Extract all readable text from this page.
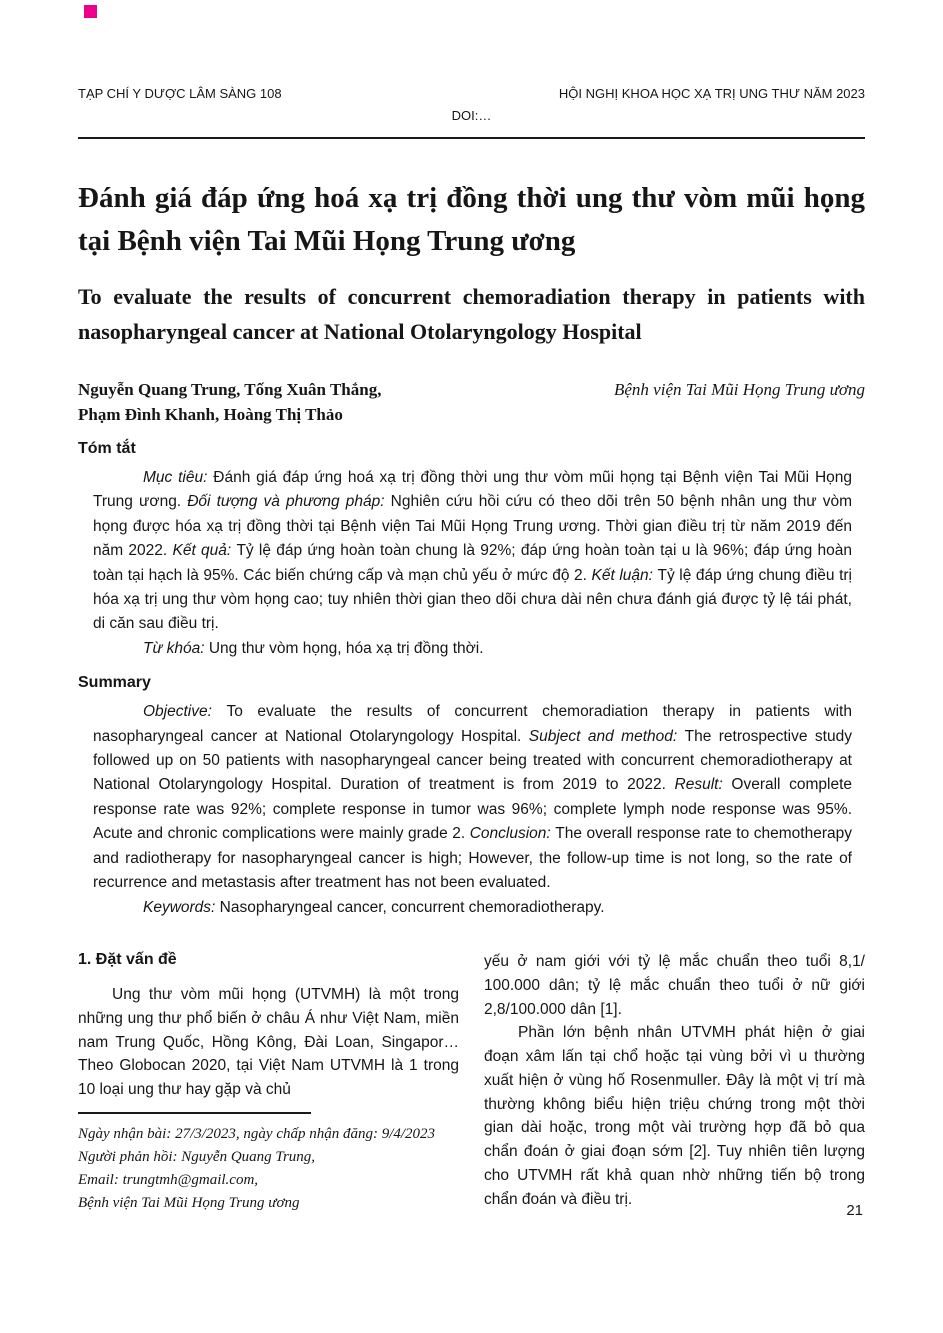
TẠP CHÍ Y DƯỢC LÂM SÀNG 108	HỘI NGHỊ KHOA HỌC XẠ TRỊ UNG THƯ NĂM 2023
DOI:…
Đánh giá đáp ứng hoá xạ trị đồng thời ung thư vòm mũi họng tại Bệnh viện Tai Mũi Họng Trung ương
To evaluate the results of concurrent chemoradiation therapy in patients with nasopharyngeal cancer at National Otolaryngology Hospital
Nguyễn Quang Trung, Tống Xuân Thắng,
Phạm Đình Khanh, Hoàng Thị Thảo
Bệnh viện Tai Mũi Họng Trung ương
Tóm tắt

Mục tiêu: Đánh giá đáp ứng hoá xạ trị đồng thời ung thư vòm mũi họng tại Bệnh viện Tai Mũi Họng Trung ương. Đối tượng và phương pháp: Nghiên cứu hồi cứu có theo dõi trên 50 bệnh nhân ung thư vòm họng được hóa xạ trị đồng thời tại Bệnh viện Tai Mũi Họng Trung ương. Thời gian điều trị từ năm 2019 đến năm 2022. Kết quả: Tỷ lệ đáp ứng hoàn toàn chung là 92%; đáp ứng hoàn toàn tại u là 96%; đáp ứng hoàn toàn tại hạch là 95%. Các biến chứng cấp và mạn chủ yếu ở mức độ 2. Kết luận: Tỷ lệ đáp ứng chung điều trị hóa xạ trị ung thư vòm họng cao; tuy nhiên thời gian theo dõi chưa dài nên chưa đánh giá được tỷ lệ tái phát, di căn sau điều trị.

Từ khóa: Ung thư vòm họng, hóa xạ trị đồng thời.

Summary

Objective: To evaluate the results of concurrent chemoradiation therapy in patients with nasopharyngeal cancer at National Otolaryngology Hospital. Subject and method: The retrospective study followed up on 50 patients with nasopharyngeal cancer being treated with concurrent chemoradiotherapy at National Otolaryngology Hospital. Duration of treatment is from 2019 to 2022. Result: Overall complete response rate was 92%; complete response in tumor was 96%; complete lymph node response was 95%. Acute and chronic complications were mainly grade 2. Conclusion: The overall response rate to chemotherapy and radiotherapy for nasopharyngeal cancer is high; However, the follow-up time is not long, so the rate of recurrence and metastasis after treatment has not been evaluated.

Keywords: Nasopharyngeal cancer, concurrent chemoradiotherapy.

1. Đặt vấn đề

Ung thư vòm mũi họng (UTVMH) là một trong những ung thư phổ biến ở châu Á như Việt Nam, miền nam Trung Quốc, Hồng Kông, Đài Loan, Singapor… Theo Globocan 2020, tại Việt Nam UTVMH là 1 trong 10 loại ung thư hay gặp và chủ

Ngày nhận bài: 27/3/2023, ngày chấp nhận đăng: 9/4/2023
Người phản hồi: Nguyễn Quang Trung,
Email: trungtmh@gmail.com,
Bệnh viện Tai Mũi Họng Trung ương

yếu ở nam giới với tỷ lệ mắc chuẩn theo tuổi 8,1/ 100.000 dân; tỷ lệ mắc chuẩn theo tuổi ở nữ giới 2,8/100.000 dân [1].

Phần lớn bệnh nhân UTVMH phát hiện ở giai đoạn xâm lấn tại chổ hoặc tại vùng bởi vì u thường xuất hiện ở vùng hố Rosenmuller. Đây là một vị trí mà thường không biểu hiện triệu chứng trong một thời gian dài hoặc, trong một vài trường hợp đã bỏ qua chẩn đoán ở giai đoạn sớm [2]. Tuy nhiên tiên lượng cho UTVMH rất khả quan nhờ những tiến bộ trong chẩn đoán và điều trị.

21
